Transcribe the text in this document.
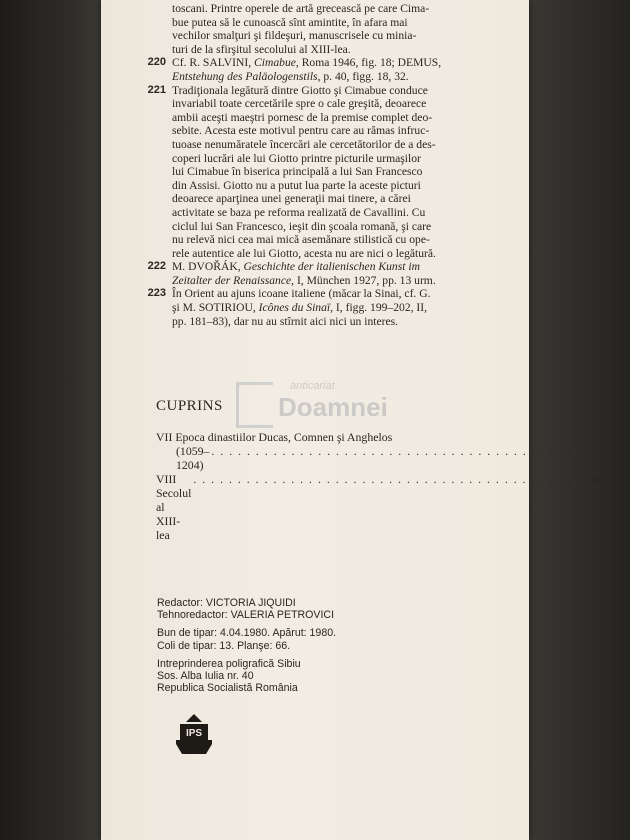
toscani. Printre operele de artă grecească pe care Cima-
bue putea să le cunoască sînt amintite, în afara mai
vechilor smalţuri şi fildeşuri, manuscrisele cu minia-
turi de la sfirşitul secolului al XIII-lea.
220 Cf. R. SALVINI, Cimabue, Roma 1946, fig. 18; DEMUS,
Entstehung des Paläologenstils, p. 40, figg. 18, 32.
221 Tradiţionala legătură dintre Giotto şi Cimabue conduce
invariabil toate cercetările spre o cale greşită, deoarece
ambii aceşti maeştri pornesc de la premise complet deo-
sebite. Acesta este motivul pentru care au rămas infruc-
tuoase nenumăratele încercări ale cercetătorilor de a des-
coperi lucrări ale lui Giotto printre picturile urmaşilor
lui Cimabue în biserica principală a lui San Francesco
din Assisi. Giotto nu a putut lua parte la aceste picturi
deoarece aparţinea unei generaţii mai tinere, a cărei
activitate se baza pe reforma realizată de Cavallini. Cu
ciclul lui San Francesco, ieşit din şcoala romană, şi care
nu relevă nici cea mai mică asemănare stilistică cu ope-
rele autentice ale lui Giotto, acesta nu are nici o legătură.
222 M. DVOŘÁK, Geschichte der italienischen Kunst im
Zeitalter der Renaissance, I, München 1927, pp. 13 urm.
223 În Orient au ajuns icoane italiene (măcar la Sinai, cf. G.
şi M. SOTIRIOU, Icônes du Sinaï, I, figg. 199–202, II,
pp. 181–83), dar nu au stîrnit aici nici un interes.
anticariat
Doamnei
CUPRINS
VII Epoca dinastiilor Ducas, Comnen şi Anghelos
(1059–1204)
. . . . . . . . . . . . . . . . . . . . . . . . . . . . . . . . . . . . . . . . . . . .	5
VIII Secolul al XIII-lea
. . . . . . . . . . . . . . . . . . . . . . . . . . . . . . . . . . . . . . . . . . . . 167
Redactor: VICTORIA JIQUIDI
Tehnoredactor: VALERIA PETROVICI
Bun de tipar: 4.04.1980. Apărut: 1980.
Coli de tipar: 13. Planşe: 66.
Intreprinderea poligrafică Sibiu
Sos. Alba Iulia nr. 40
Republica Socialistă România
IPS
